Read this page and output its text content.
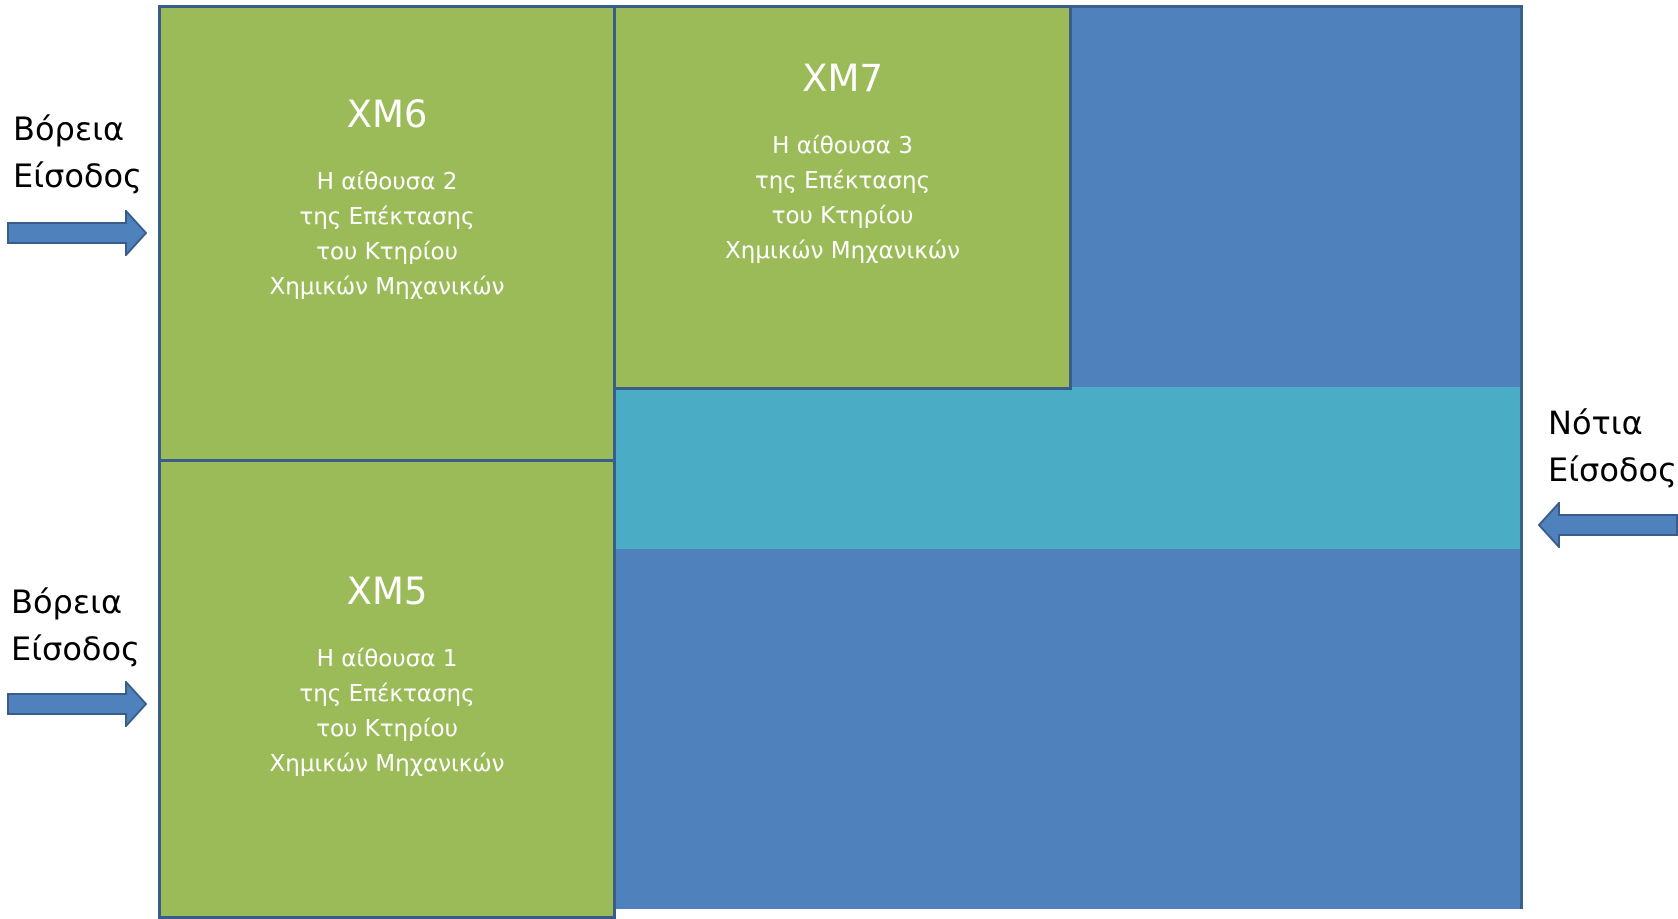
XM6
Η αίθουσα 2
της Επέκτασης
του Κτηρίου
Χημικών Μηχανικών
XM7
Η αίθουσα 3
της Επέκτασης
του Κτηρίου
Χημικών Μηχανικών
XM5
Η αίθουσα 1
της Επέκτασης
του Κτηρίου
Χημικών Μηχανικών
Βόρεια
Είσοδος
Βόρεια
Είσοδος
Νότια
Είσοδος
